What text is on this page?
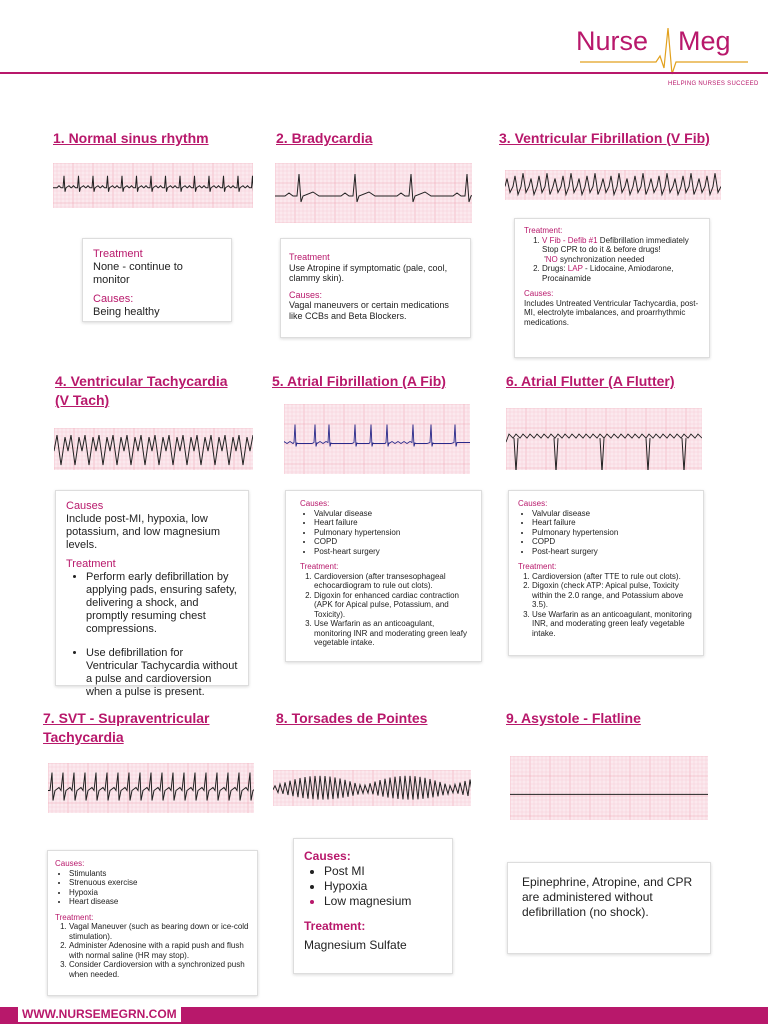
Nurse Meg
HELPING NURSES SUCCEED
1. Normal sinus rhythm

Treatment

None - continue to monitor

Causes:

Being healthy

2. Bradycardia

Treatment

Use Atropine if symptomatic (pale, cool, clammy skin).

Causes:

Vagal maneuvers or certain medications like CCBs and Beta Blockers.

3. Ventricular Fibrillation (V Fib)

Treatment:

1. V Fib - Defib #1 Defibrillation immediately Stop CPR to do it & before drugs!
'NO synchronization needed
2. Drugs: LAP - Lidocaine, Amiodarone, Procainamide

Causes:

Includes Untreated Ventricular Tachycardia, post-MI, electrolyte imbalances, and proarrhythmic medications.

4. Ventricular Tachycardia
(V Tach)

Causes

Include post-MI, hypoxia, low potassium, and low magnesium levels.

Treatment

• Perform early defibrillation by applying pads, ensuring safety, delivering a shock, and promptly resuming chest compressions.
• Use defibrillation for Ventricular Tachycardia without a pulse and cardioversion when a pulse is present.
5. Atrial Fibrillation (A Fib)

Causes:

• Valvular disease
• Heart failure
• Pulmonary hypertension
• COPD
• Post-heart surgery

Treatment:

1. Cardioversion (after transesophageal echocardiogram to rule out clots).
2. Digoxin for enhanced cardiac contraction (APK for Apical pulse, Potassium, and Toxicity).
3. Use Warfarin as an anticoagulant, monitoring INR and moderating green leafy vegetable intake.
6. Atrial Flutter (A Flutter)

Causes:

• Valvular disease
• Heart failure
• Pulmonary hypertension
• COPD
• Post-heart surgery

Treatment:

1. Cardioversion (after TTE to rule out clots).
2. Digoxin (check ATP: Apical pulse, Toxicity within the 2.0 range, and Potassium above 3.5).
3. Use Warfarin as an anticoagulant, monitoring INR, and moderating green leafy vegetable intake.
7. SVT - Supraventricular
Tachycardia

Causes:

• Stimulants
• Strenuous exercise
• Hypoxia
• Heart disease

Treatment:

1. Vagal Maneuver (such as bearing down or ice-cold stimulation).
2. Administer Adenosine with a rapid push and flush with normal saline (HR may stop).
3. Consider Cardioversion with a synchronized push when needed.
8. Torsades de Pointes

Causes:

• Post MI
• Hypoxia
• Low magnesium

Treatment:

Magnesium Sulfate

9. Asystole - Flatline

Epinephrine, Atropine, and CPR are administered without defibrillation (no shock).

WWW.NURSEMEGRN.COM
